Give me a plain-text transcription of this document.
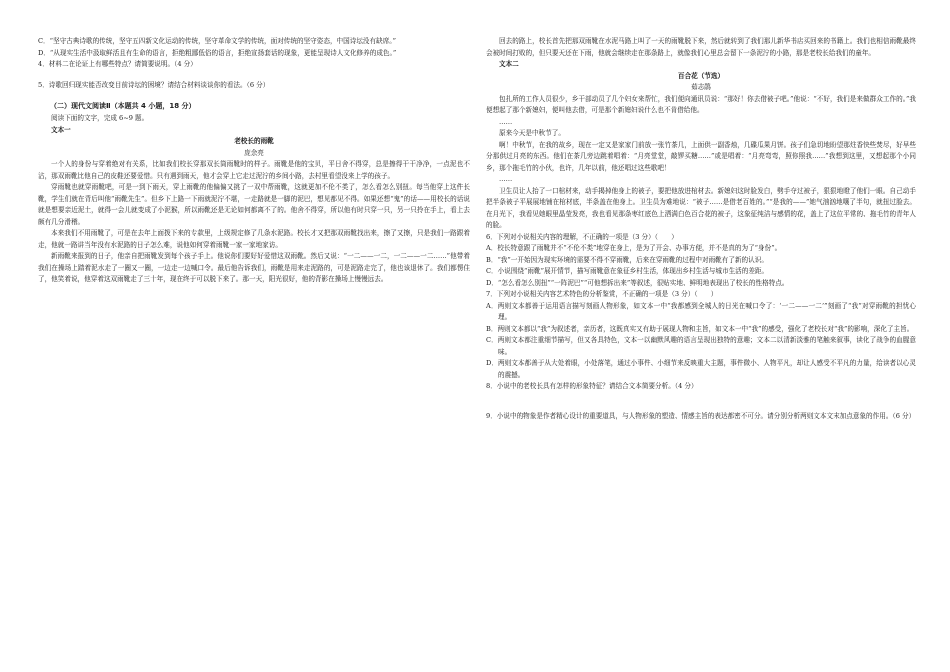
C．“坚守古典诗歌的传统，坚守五四新文化运动的传统，坚守革命文学的传统，面对传统的坚守姿态，中国诗坛没有缺席。”

D．“从现实生活中汲取鲜活且有生命的语言，拒绝粗鄙低俗的语言，拒绝宣扬套话的现象，更能呈现诗人文化修养的成色。”

4．材料二在论证上有哪些特点？请简要说明。（4 分）

5．诗歌回归现实能否改变目前诗坛的困境？请结合材料谈谈你的看法。（6 分）

（二）现代文阅读Ⅱ（本题共 4 小题，18 分）

阅读下面的文字，完成 6~9 题。

文本一

老校长的雨靴

庞余亮

一个人的身份与穿着绝对有关系，比如我们校长穿那双长筒雨靴时的样子。雨靴是他的宝贝，平日舍不得穿，总是擦得干干净净，一点泥也不沾，那双雨靴比他自己的皮鞋还要爱惜。只有遇到雨天，他才会穿上它走过泥泞的乡间小路，去村里看望没来上学的孩子。

穿雨靴也就穿雨靴吧，可是一到下雨天，穿上雨靴的他偏偏又挑了一双中帮雨靴，这就更加不伦不类了，怎么看怎么别扭。每当他穿上这件长靴，学生们就在背后叫他“雨靴先生”。但乡下上路一下雨就泥泞不堪，一走路就是一脚的泥巴，想见都见不得。如果还想“鬼”的话——用校长的话说就是想要亲近泥土，就得一会儿就变成了小泥猴，所以雨靴还是无论如何都离不了的。他舍不得穿，所以他有时只穿一只，另一只拎在手上，看上去颇有几分滑稽。

本来我们不用雨靴了，可是在去年上面拨下来的专款里，上级规定修了几条水泥路。校长才又把那双雨靴找出来，擦了又擦，只是我们一路跟着走，他就一路讲当年没有水泥路的日子怎么难，说他如何穿着雨靴一家一家地家访。

新雨靴来报到的日子，他亲自把雨靴发到每个孩子手上。他说你们要好好爱惜这双雨靴。然后又说：“一二——一二，一二——一二……”他带着我们在操场上踏着泥水走了一圈又一圈，一边走一边喊口令。最后他告诉我们，雨靴是用来走泥路的，可是泥路走完了，他也该退休了。我们都愣住了，他笑着说，他穿着这双雨靴走了三十年，现在终于可以脱下来了。那一天，阳光很好，他的背影在操场上慢慢远去。

回去的路上，校长首先把那双雨靴在水泥马路上叫了一天的雨靴脱下来，然后就转到了我们那儿新华书店买回来的书籍上。我们也相信雨靴最终会被时间打败的，但只要天还在下雨，他就会继续走在那条路上，就像我们心里总会留下一条泥泞的小路，那是老校长给我们的童年。

文本二

百合花（节选）

茹志鹃

包扎所的工作人员很少，乡干部动员了几个妇女来帮忙，我们便向通讯员说：“那好！你去借被子吧。”他说：“不好，我们是来做群众工作的。”我便想起了那个新媳妇，便叫他去借，可是那个新媳妇说什么也不肯借给他。

……

原来今天是中秋节了。

啊！中秋节，在我的故乡，现在一定又是家家门前放一张竹茶几，上面供一副香烛，几碟瓜果月饼。孩子们急切地盼望那炷香快些焚尽，好早些分那供过月亮的东西。他们在茶几旁边跳着唱着：“月亮堂堂，敲锣买糖……”或是唱着：“月亮弯弯，照你照我……”我想到这里，又想起那个小同乡，那个拖毛竹的小伙，也许，几年以前，他还唱过这些歌吧！

……

卫生员让人抬了一口棺材来，动手揭掉他身上的被子，要把他放进棺材去。新媳妇这时脸发白，劈手夺过被子，狠狠地瞪了他们一眼。自己动手把半条被子平展展地铺在棺材底，半条盖在他身上。卫生员为难地说：“被子……是借老百姓的。”“是我的——”她气汹汹地嚷了半句，就扭过脸去。在月光下，我看见她眼里晶莹发亮，我也看见那条枣红底色上洒满白色百合花的被子，这象征纯洁与感情的花，盖上了这位平常的、拖毛竹的青年人的脸。

6．下列对小说相关内容的理解，不正确的一项是（3 分）（　　）

A．校长特意跟了雨靴并不“不伦不类”地穿在身上，是为了开会、办事方便，并不是真的为了“身份”。

B．“我”一开始因为现实环境的需要不得不穿雨靴，后来在穿雨靴的过程中对雨靴有了新的认识。

C．小说围绕“雨靴”展开情节，描写雨靴意在象征乡村生活，体现出乡村生活与城市生活的差距。

D．“怎么看怎么别扭”“一阵泥巴”“可他想拆出来”等叙述，很贴实地、鲜明地表现出了校长的性格特点。

7．下列对小说相关内容艺术特色的分析鉴赏，不正确的一项是（3 分）（　　）

A．两则文本都善于运用语言描写刻画人物形象，如文本一中“我都感到全城人的日光在喊口令了：‘一二——一二’”刻画了“我”对穿雨靴的担忧心理。

B．两则文本都以“我”为叙述者，亲历者，这既真实又有助于展现人物和主旨，如文本一中“我”的感受，强化了老校长对“我”的影响，深化了主旨。

C．两则文本都注重细节描写，但又各具特色，文本一以幽默风趣的语言呈现出独特的意趣；文本二以清新淡雅的笔触来叙事，读化了战争的血腥意味。

D．两则文本都善于从大处着眼，小处落笔，通过小事件、小细节来反映重大主题，事件微小、人物平凡，却让人感受不平凡的力量，给读者以心灵的震撼。

8．小说中的老校长具有怎样的形象特征？请结合文本简要分析。（4 分）

9．小说中的物象是作者精心设计的重要道具，与人物形象的塑造、情感主旨的表达都密不可分。请分别分析两则文本文末加点意象的作用。（6 分）
